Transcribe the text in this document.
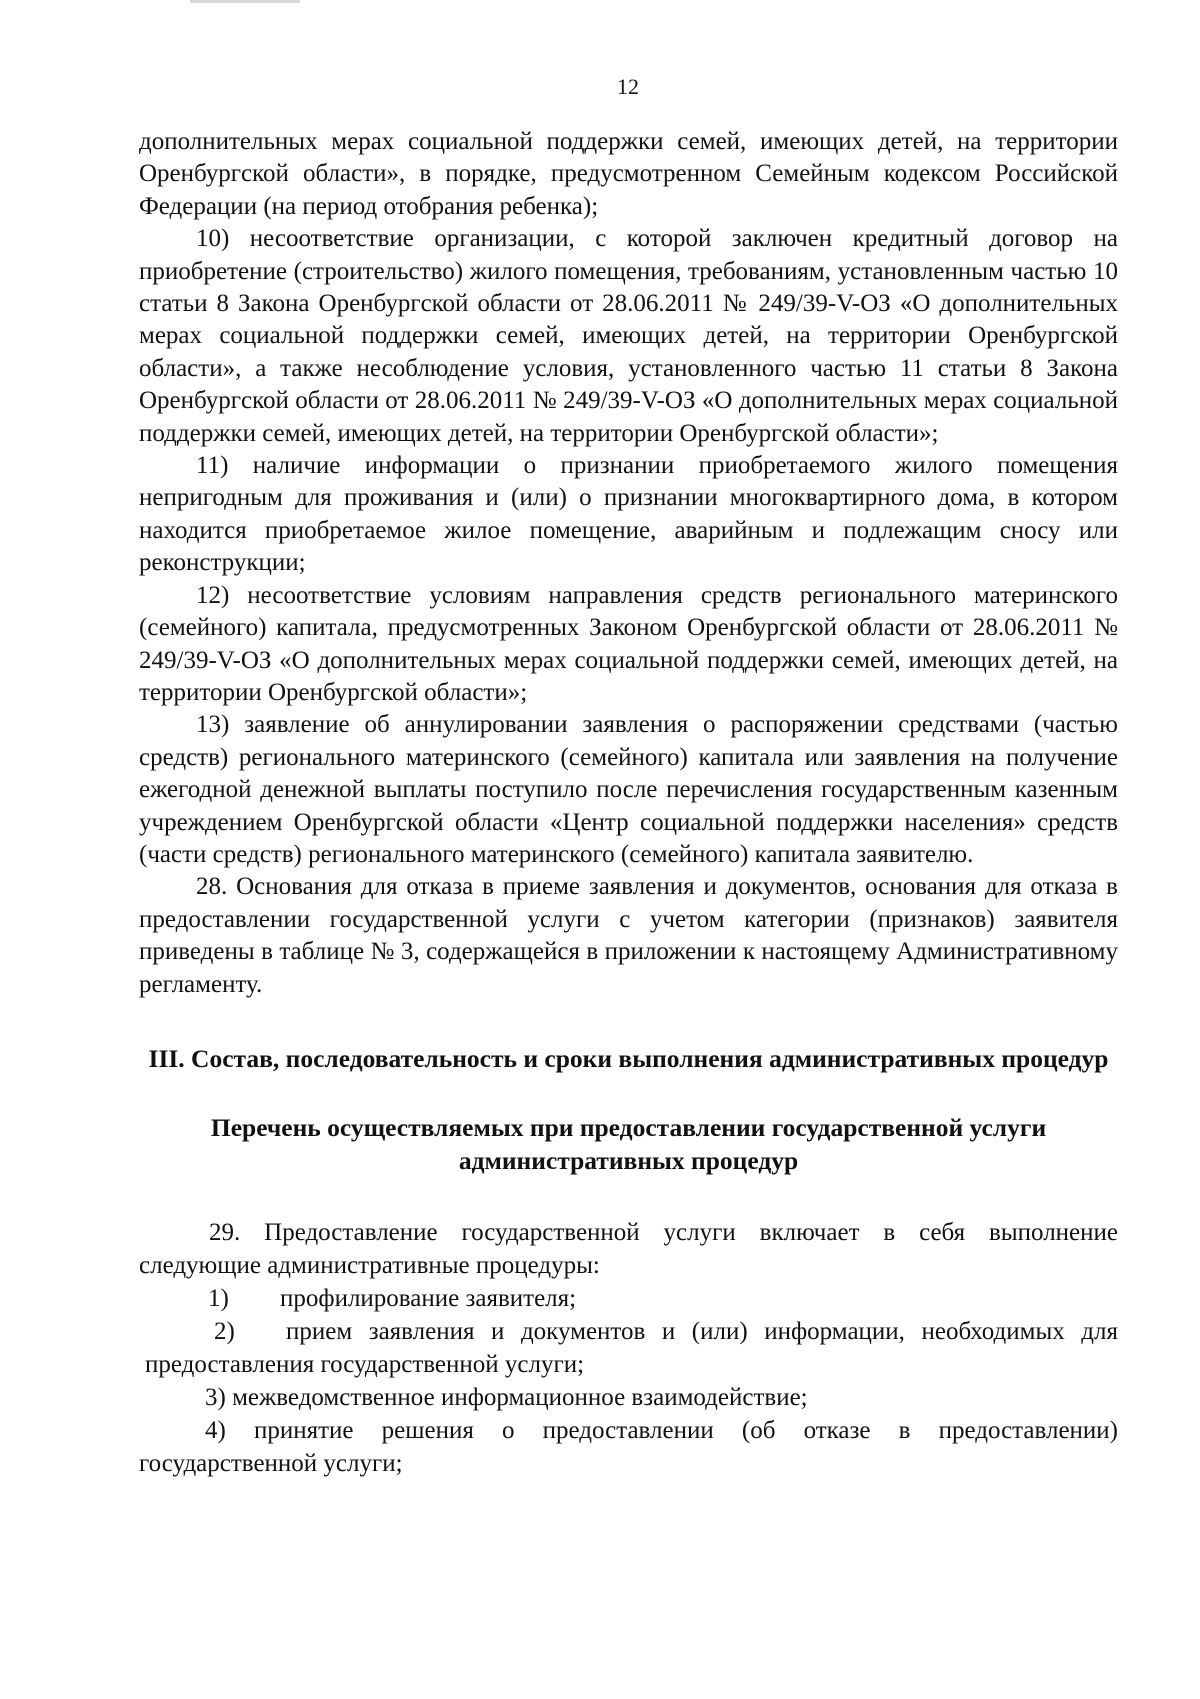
12

дополнительных мерах социальной поддержки семей, имеющих детей, на территории Оренбургской области», в порядке, предусмотренном Семейным кодексом Российской Федерации (на период отобрания ребенка);

10) несоответствие организации, с которой заключен кредитный договор на приобретение (строительство) жилого помещения, требованиям, установленным частью 10 статьи 8 Закона Оренбургской области от 28.06.2011 № 249/39-V-ОЗ «О дополнительных мерах социальной поддержки семей, имеющих детей, на территории Оренбургской области», а также несоблюдение условия, установленного частью 11 статьи 8 Закона Оренбургской области от 28.06.2011 № 249/39-V-ОЗ «О дополнительных мерах социальной поддержки семей, имеющих детей, на территории Оренбургской области»;

11) наличие информации о признании приобретаемого жилого помещения непригодным для проживания и (или) о признании многоквартирного дома, в котором находится приобретаемое жилое помещение, аварийным и подлежащим сносу или реконструкции;

12) несоответствие условиям направления средств регионального материнского (семейного) капитала, предусмотренных Законом Оренбургской области от 28.06.2011 № 249/39-V-ОЗ «О дополнительных мерах социальной поддержки семей, имеющих детей, на территории Оренбургской области»;

13) заявление об аннулировании заявления о распоряжении средствами (частью средств) регионального материнского (семейного) капитала или заявления на получение ежегодной денежной выплаты поступило после перечисления государственным казенным учреждением Оренбургской области «Центр социальной поддержки населения» средств (части средств) регионального материнского (семейного) капитала заявителю.

28. Основания для отказа в приеме заявления и документов, основания для отказа в предоставлении государственной услуги с учетом категории (признаков) заявителя приведены в таблице № 3, содержащейся в приложении к настоящему Административному регламенту.

III. Состав, последовательность и сроки выполнения административных процедур
Перечень осуществляемых при предоставлении государственной услуги административных процедур

29. Предоставление государственной услуги включает в себя выполнение следующие административные процедуры:

1) профилирование заявителя;

2) прием заявления и документов и (или) информации, необходимых для предоставления государственной услуги;

3) межведомственное информационное взаимодействие;

4) принятие решения о предоставлении (об отказе в предоставлении) государственной услуги;
